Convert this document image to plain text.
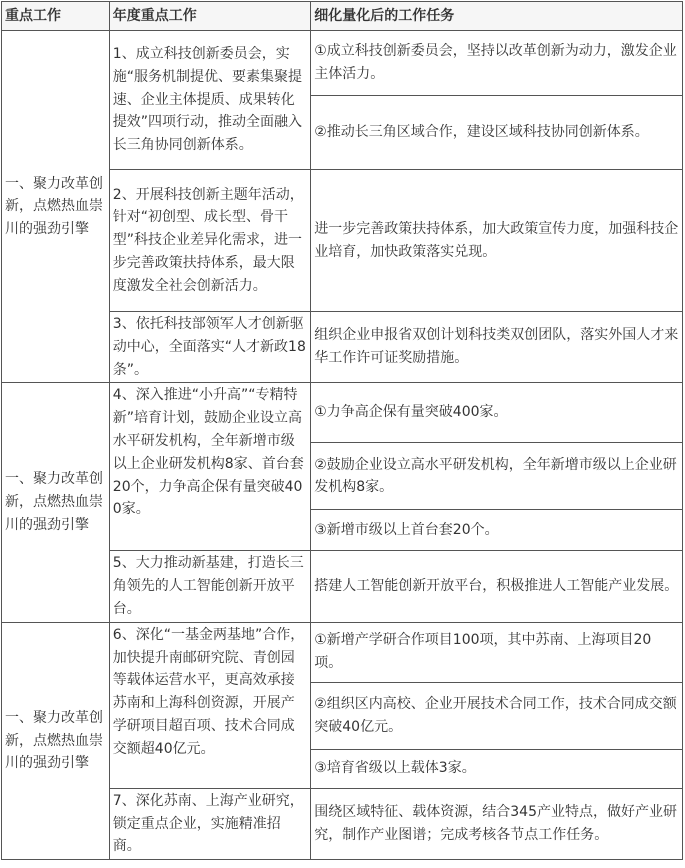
重点工作	年度重点工作	细化量化后的工作任务
一、聚力改革创新，点燃热血崇川的强劲引擎	1、成立科技创新委员会，实施“服务机制提优、要素集聚提速、企业主体提质、成果转化提效”四项行动，推动全面融入长三角协同创新体系。	①成立科技创新委员会，坚持以改革创新为动力，激发企业主体活力。
		②推动长三角区域合作，建设区域科技协同创新体系。
	2、开展科技创新主题年活动，针对“初创型、成长型、骨干型”科技企业差异化需求，进一步完善政策扶持体系，最大限度激发全社会创新活力。	进一步完善政策扶持体系，加大政策宣传力度，加强科技企业培育，加快政策落实兑现。
	3、依托科技部领军人才创新驱动中心，全面落实“人才新政18条”。	组织企业申报省双创计划科技类双创团队，落实外国人才来华工作许可证奖励措施。
一、聚力改革创新，点燃热血崇川的强劲引擎	4、深入推进“小升高”“专精特新”培育计划，鼓励企业设立高水平研发机构，全年新增市级以上企业研发机构8家、首台套20个，力争高企保有量突破400家。	①力争高企保有量突破400家。
		②鼓励企业设立高水平研发机构，全年新增市级以上企业研发机构8家。
		③新增市级以上首台套20个。
	5、大力推动新基建，打造长三角领先的人工智能创新开放平台。	搭建人工智能创新开放平台，积极推进人工智能产业发展。
一、聚力改革创新，点燃热血崇川的强劲引擎	6、深化“一基金两基地”合作，加快提升南邮研究院、青创园等载体运营水平，更高效承接苏南和上海科创资源，开展产学研项目超百项、技术合同成交额超40亿元。	①新增产学研合作项目100项，其中苏南、上海项目20项。
		②组织区内高校、企业开展技术合同工作，技术合同成交额突破40亿元。
		③培育省级以上载体3家。
	7、深化苏南、上海产业研究，锁定重点企业，实施精准招商。	围绕区域特征、载体资源，结合345产业特点，做好产业研究，制作产业图谱；完成考核各节点工作任务。
